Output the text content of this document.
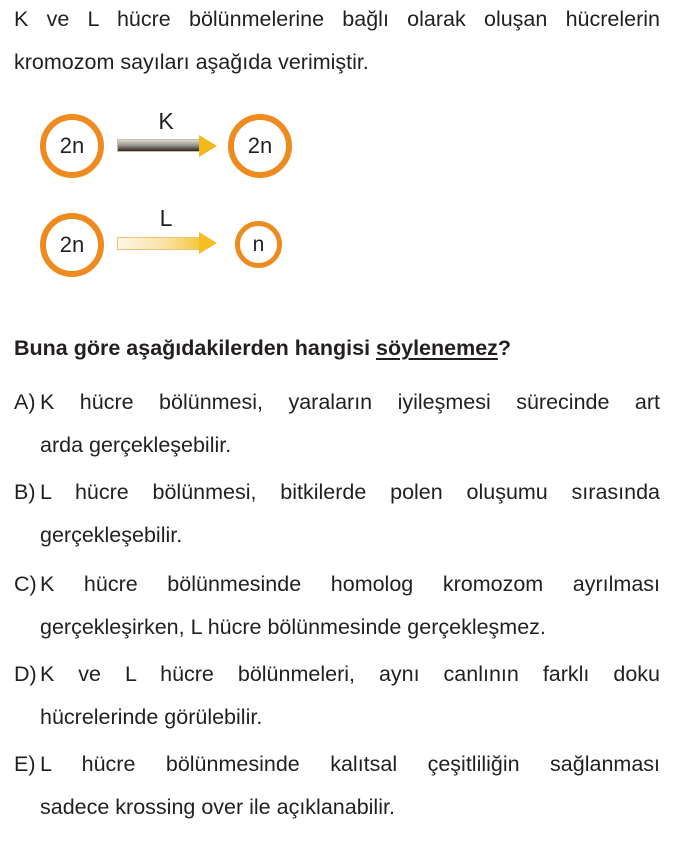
K ve L hücre bölünmelerine bağlı olarak oluşan hücrelerin
kromozom sayıları aşağıda verimiştir.
2n
K
2n
2n
L
n
Buna göre aşağıdakilerden hangisi söylenemez?
A) K hücre bölünmesi, yaraların iyileşmesi sürecinde art
arda gerçekleşebilir.
B) L hücre bölünmesi, bitkilerde polen oluşumu sırasında
gerçekleşebilir.
C) K hücre bölünmesinde homolog kromozom ayrılması
gerçekleşirken, L hücre bölünmesinde gerçekleşmez.
D) K ve L hücre bölünmeleri, aynı canlının farklı doku
hücrelerinde görülebilir.
E) L hücre bölünmesinde kalıtsal çeşitliliğin sağlanması
sadece krossing over ile açıklanabilir.
